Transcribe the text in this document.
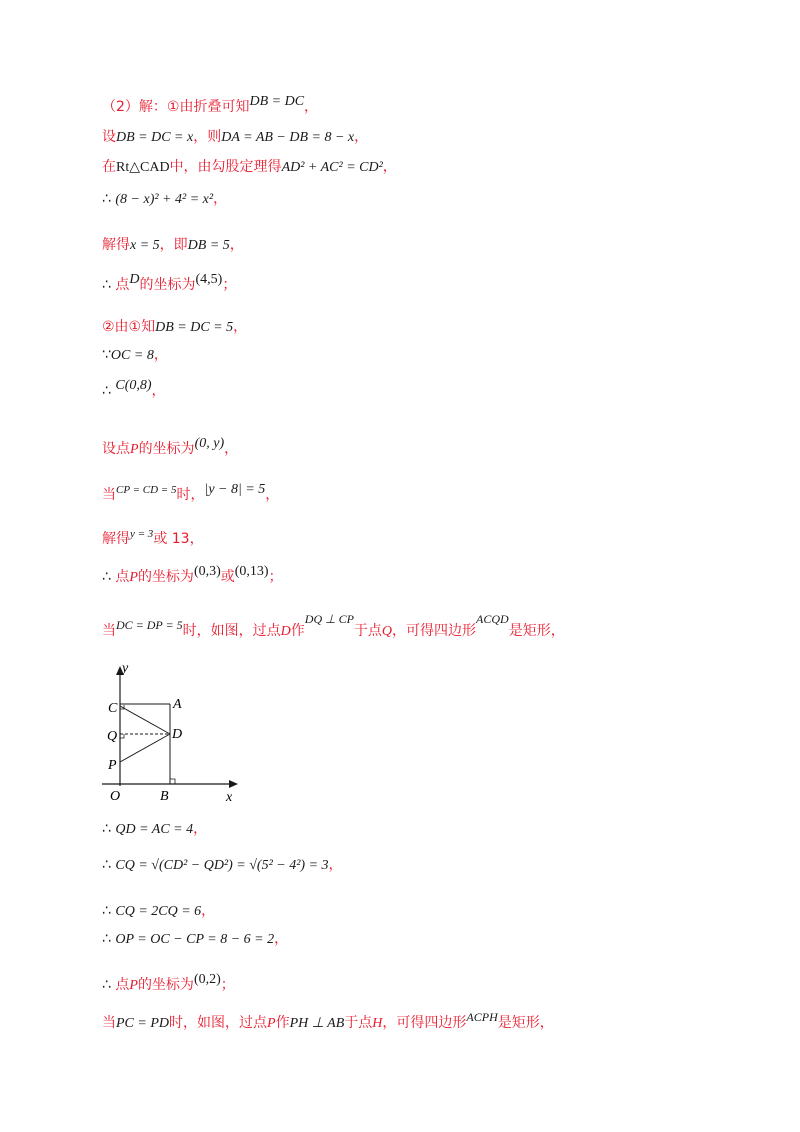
（2）解：①由折叠可知DB = DC，
设DB = DC = x，则DA = AB − DB = 8 − x，
在Rt△CAD中，由勾股定理得AD² + AC² = CD²，
∴ (8 − x)² + 4² = x²，
解得x = 5，即DB = 5，
∴ 点D的坐标为(4,5)；
②由①知DB = DC = 5，
∵OC = 8，
∴ C(0,8)，
设点P的坐标为(0, y)，
当$^{CP = CD = 5}$时，|y − 8| = 5，
解得$^{y = 3}$或 13，
∴ 点P的坐标为(0,3)或(0,13)；
当DC = DP = 5时，如图，过点D作DQ ⊥ CP于点Q，可得四边形ACQD是矩形，
y
x
O	B
C	A
Q	D
P
∴ QD = AC = 4，
∴ CQ = √(CD² − QD²) = √(5² − 4²) = 3，
∴ CQ = 2CQ = 6，
∴ OP = OC − CP = 8 − 6 = 2，
∴ 点P的坐标为(0,2)；
当PC = PD时，如图，过点P作PH ⊥ AB于点H，可得四边形ACPH是矩形，
